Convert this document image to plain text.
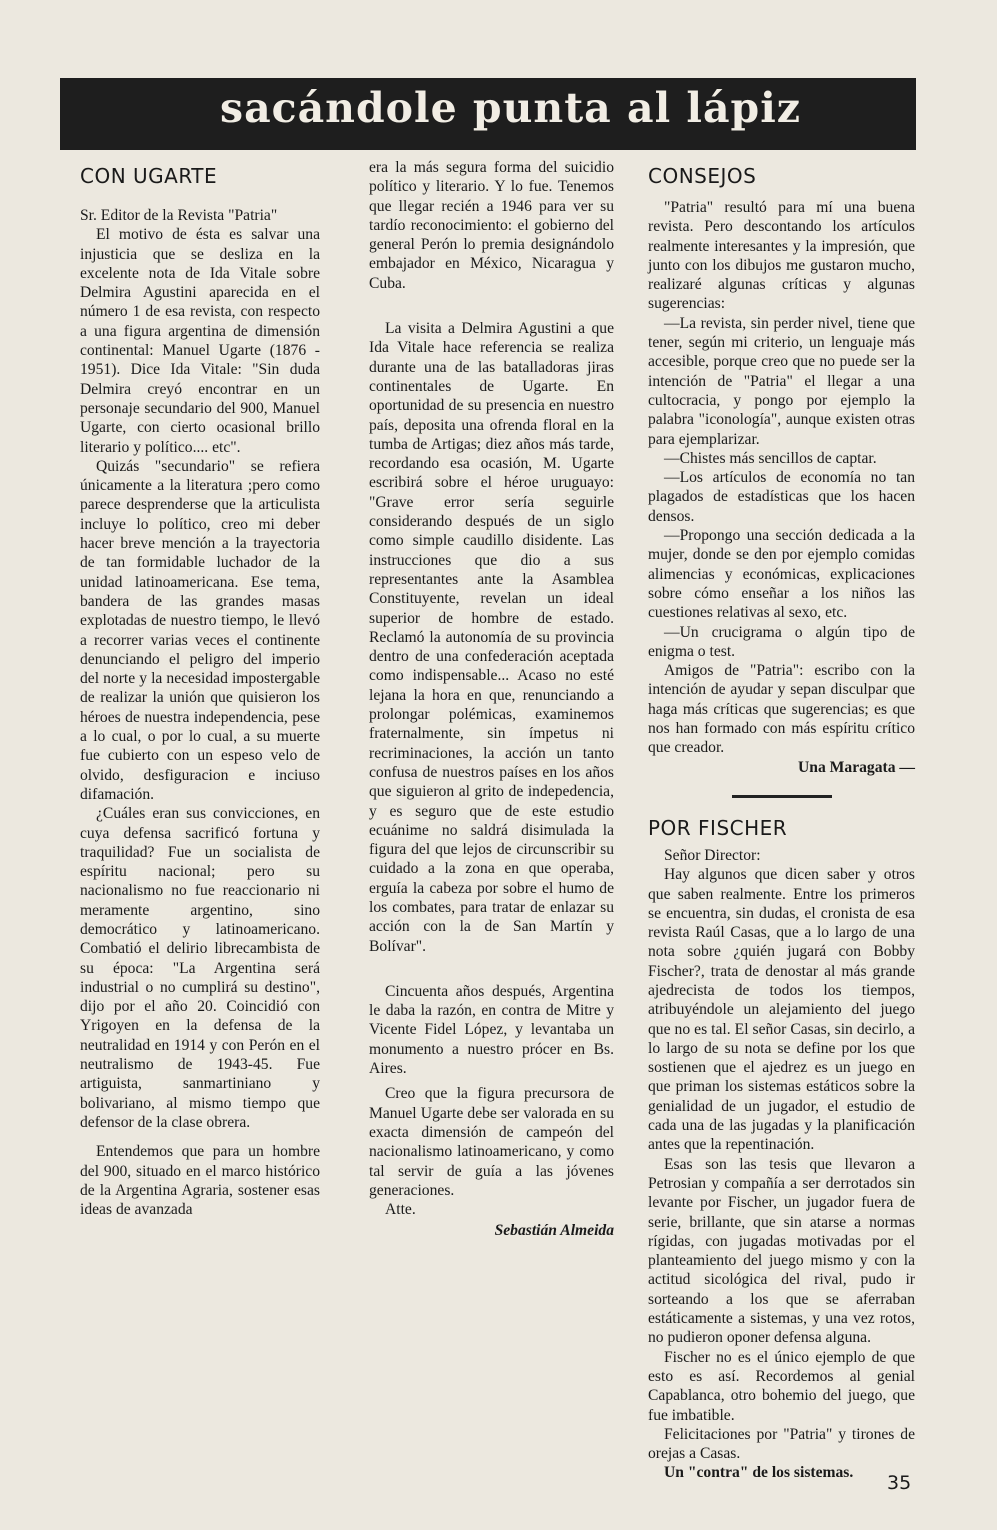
sacándole punta al lápiz
CON UGARTE

Sr. Editor de la Revista "Patria"

El motivo de ésta es salvar una injusticia que se desliza en la excelente nota de Ida Vitale sobre Delmira Agustini aparecida en el número 1 de esa revista, con respecto a una figura argentina de dimensión continental: Manuel Ugarte (1876 - 1951). Dice Ida Vitale: "Sin duda Delmira creyó encontrar en un personaje secundario del 900, Manuel Ugarte, con cierto ocasional brillo literario y político.... etc".

Quizás "secundario" se refiera únicamente a la literatura ;pero como parece desprenderse que la articulista incluye lo político, creo mi deber hacer breve mención a la trayectoria de tan formidable luchador de la unidad latinoamericana. Ese tema, bandera de las grandes masas explotadas de nuestro tiempo, le llevó a recorrer varias veces el continente denunciando el peligro del imperio del norte y la necesidad impostergable de realizar la unión que quisieron los héroes de nuestra independencia, pese a lo cual, o por lo cual, a su muerte fue cubierto con un espeso velo de olvido, desfiguracion e inciuso difamación.

¿Cuáles eran sus convicciones, en cuya defensa sacrificó fortuna y traquilidad? Fue un socialista de espíritu nacional; pero su nacionalismo no fue reaccionario ni meramente argentino, sino democrático y latinoamericano. Combatió el delirio librecambista de su época: "La Argentina será industrial o no cumplirá su destino", dijo por el año 20. Coincidió con Yrigoyen en la defensa de la neutralidad en 1914 y con Perón en el neutralismo de 1943-45. Fue artiguista, sanmartiniano y bolivariano, al mismo tiempo que defensor de la clase obrera.

Entendemos que para un hombre del 900, situado en el marco histórico de la Argentina Agraria, sostener esas ideas de avanzada

era la más segura forma del suicidio político y literario. Y lo fue. Tenemos que llegar recién a 1946 para ver su tardío reconocimiento: el gobierno del general Perón lo premia designándolo embajador en México, Nicaragua y Cuba.

La visita a Delmira Agustini a que Ida Vitale hace referencia se realiza durante una de las batalladoras jiras continentales de Ugarte. En oportunidad de su presencia en nuestro país, deposita una ofrenda floral en la tumba de Artigas; diez años más tarde, recordando esa ocasión, M. Ugarte escribirá sobre el héroe uruguayo: "Grave error sería seguirle considerando después de un siglo como simple caudillo disidente. Las instrucciones que dio a sus representantes ante la Asamblea Constituyente, revelan un ideal superior de hombre de estado. Reclamó la autonomía de su provincia dentro de una confederación aceptada como indispensable... Acaso no esté lejana la hora en que, renunciando a prolongar polémicas, examinemos fraternalmente, sin ímpetus ni recriminaciones, la acción un tanto confusa de nuestros países en los años que siguieron al grito de indepedencia, y es seguro que de este estudio ecuánime no saldrá disimulada la figura del que lejos de circunscribir su cuidado a la zona en que operaba, erguía la cabeza por sobre el humo de los combates, para tratar de enlazar su acción con la de San Martín y Bolívar".

Cincuenta años después, Argentina le daba la razón, en contra de Mitre y Vicente Fidel López, y levantaba un monumento a nuestro prócer en Bs. Aires.

Creo que la figura precursora de Manuel Ugarte debe ser valorada en su exacta dimensión de campeón del nacionalismo latinoamericano, y como tal servir de guía a las jóvenes generaciones.

Atte.

Sebastián Almeida
CONSEJOS

"Patria" resultó para mí una buena revista. Pero descontando los artículos realmente interesantes y la impresión, que junto con los dibujos me gustaron mucho, realizaré algunas críticas y algunas sugerencias:

—La revista, sin perder nivel, tiene que tener, según mi criterio, un lenguaje más accesible, porque creo que no puede ser la intención de "Patria" el llegar a una cultocracia, y pongo por ejemplo la palabra "iconología", aunque existen otras para ejemplarizar.

—Chistes más sencillos de captar.

—Los artículos de economía no tan plagados de estadísticas que los hacen densos.

—Propongo una sección dedicada a la mujer, donde se den por ejemplo comidas alimencias y económicas, explicaciones sobre cómo enseñar a los niños las cuestiones relativas al sexo, etc.

—Un crucigrama o algún tipo de enigma o test.

Amigos de "Patria": escribo con la intención de ayudar y sepan disculpar que haga más críticas que sugerencias; es que nos han formado con más espíritu crítico que creador.

Una Maragata —
POR FISCHER

Señor Director:

Hay algunos que dicen saber y otros que saben realmente. Entre los primeros se encuentra, sin dudas, el cronista de esa revista Raúl Casas, que a lo largo de una nota sobre ¿quién jugará con Bobby Fischer?, trata de denostar al más grande ajedrecista de todos los tiempos, atribuyéndole un alejamiento del juego que no es tal. El señor Casas, sin decirlo, a lo largo de su nota se define por los que sostienen que el ajedrez es un juego en que priman los sistemas estáticos sobre la genialidad de un jugador, el estudio de cada una de las jugadas y la planificación antes que la repentinación.

Esas son las tesis que llevaron a Petrosian y compañía a ser derrotados sin levante por Fischer, un jugador fuera de serie, brillante, que sin atarse a normas rígidas, con jugadas motivadas por el planteamiento del juego mismo y con la actitud sicológica del rival, pudo ir sorteando a los que se aferraban estáticamente a sistemas, y una vez rotos, no pudieron oponer defensa alguna.

Fischer no es el único ejemplo de que esto es así. Recordemos al genial Capablanca, otro bohemio del juego, que fue imbatible.

Felicitaciones por "Patria" y tirones de orejas a Casas.

Un "contra" de los sistemas.	35
